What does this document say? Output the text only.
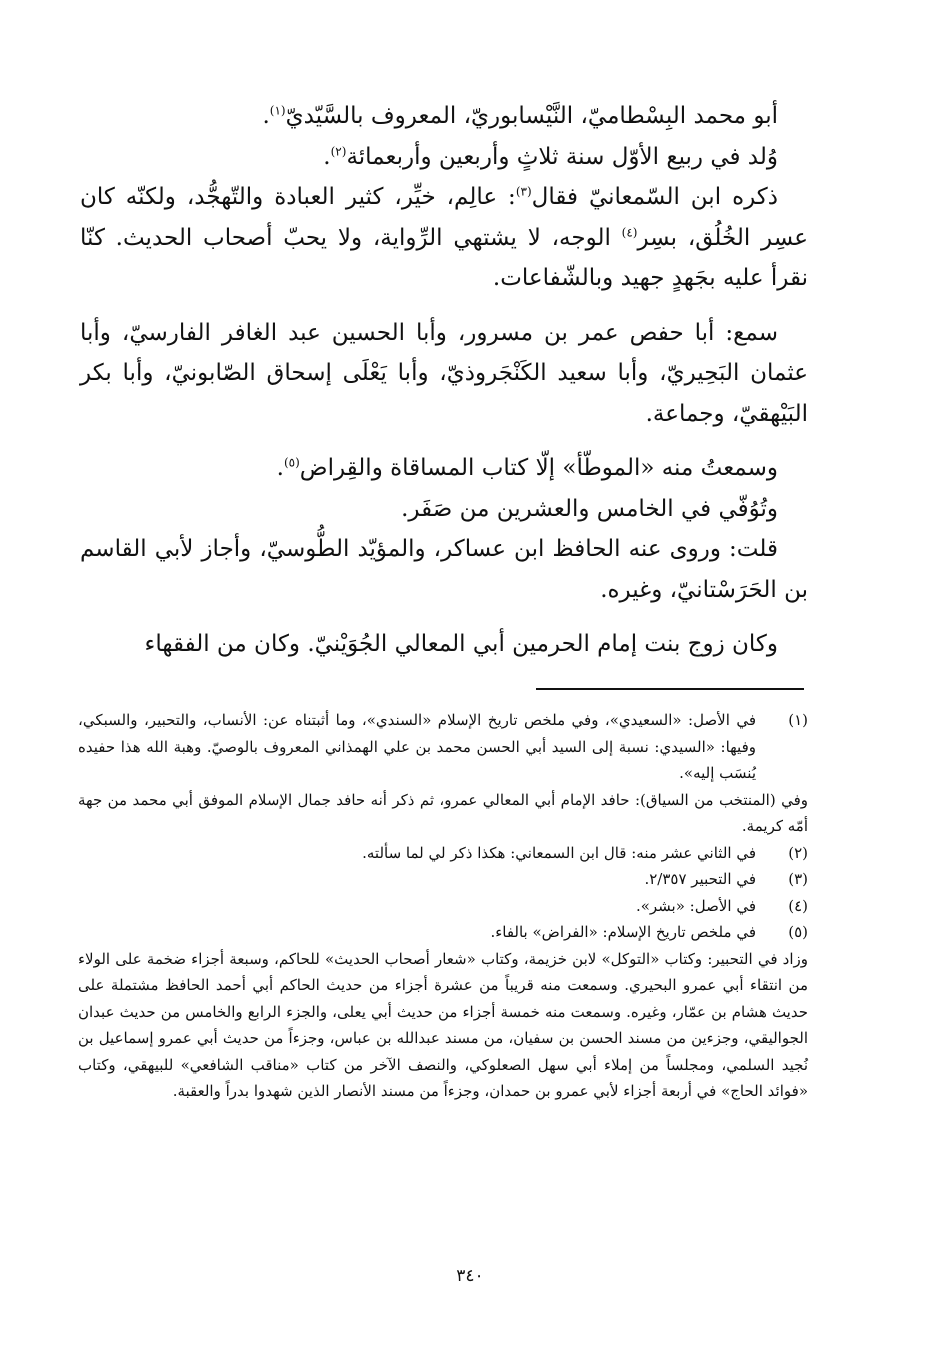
أبو محمد البِسْطاميّ، النَّيْسابوريّ، المعروف بالسَّيّديّ$^{(١)}$.

وُلد في ربيع الأوّل سنة ثلاثٍ وأربعين وأربعمائة$^{(٢)}$.

ذكره ابن السّمعانيّ فقال$^{(٣)}$: عالِم، خيِّر، كثير العبادة والتّهجُّد، ولكنّه كان عسِر الخُلُق، بسِر$^{(٤)}$ الوجه، لا يشتهي الرِّواية، ولا يحبّ أصحاب الحديث. كنّا نقرأ عليه بجَهدٍ جهيد وبالشّفاعات.

سمع: أبا حفص عمر بن مسرور، وأبا الحسين عبد الغافر الفارسيّ، وأبا عثمان البَحِيريّ، وأبا سعيد الكَنْجَروذيّ، وأبا يَعْلَى إسحاق الصّابونيّ، وأبا بكر البَيْهقيّ، وجماعة.

وسمعتُ منه «الموطّأ» إلّا كتاب المساقاة والقِراض$^{(٥)}$.

وتُوُفّي في الخامس والعشرين من صَفَر.

قلت: وروى عنه الحافظ ابن عساكر، والمؤيّد الطُّوسيّ، وأجاز لأبي القاسم بن الحَرَسْتانيّ، وغيره.

وكان زوج بنت إمام الحرمين أبي المعالي الجُوَيْنيّ. وكان من الفقهاء

(١)

في الأصل: «السعيدي»، وفي ملخص تاريخ الإسلام «السندي»، وما أثبتناه عن: الأنساب، والتحبير، والسبكي، وفيها: «السيدي: نسبة إلى السيد أبي الحسن محمد بن علي الهمذاني المعروف بالوصيّ. وهبة الله هذا حفيده يُنسَب إليه».

وفي (المنتخب من السياق): حافد الإمام أبي المعالي عمرو، ثم ذكر أنه حافد جمال الإسلام الموفق أبي محمد من جهة أمّه كريمة.

(٢)

في الثاني عشر منه: قال ابن السمعاني: هكذا ذكر لي لما سألته.

(٣)

في التحبير ٢/٣٥٧.

(٤)

في الأصل: «بشر».

(٥)

في ملخص تاريخ الإسلام: «الفراض» بالفاء.

وزاد في التحبير: وكتاب «التوكل» لابن خزيمة، وكتاب «شعار أصحاب الحديث» للحاكم، وسبعة أجزاء ضخمة على الولاء من انتقاء أبي عمرو البحيري. وسمعت منه قريباً من عشرة أجزاء من حديث الحاكم أبي أحمد الحافظ مشتملة على حديث هشام بن عمّار، وغيره. وسمعت منه خمسة أجزاء من حديث أبي يعلى، والجزء الرابع والخامس من حديث عبدان الجواليقي، وجزءين من مسند الحسن بن سفيان، من مسند عبدالله بن عباس، وجزءاً من حديث أبي عمرو إسماعيل بن نُجيد السلمي، ومجلساً من إملاء أبي سهل الصعلوكي، والنصف الآخر من كتاب «مناقب الشافعي» للبيهقي، وكتاب «فوائد الحاج» في أربعة أجزاء لأبي عمرو بن حمدان، وجزءاً من مسند الأنصار الذين شهدوا بدراً والعقبة.

٣٤٠
